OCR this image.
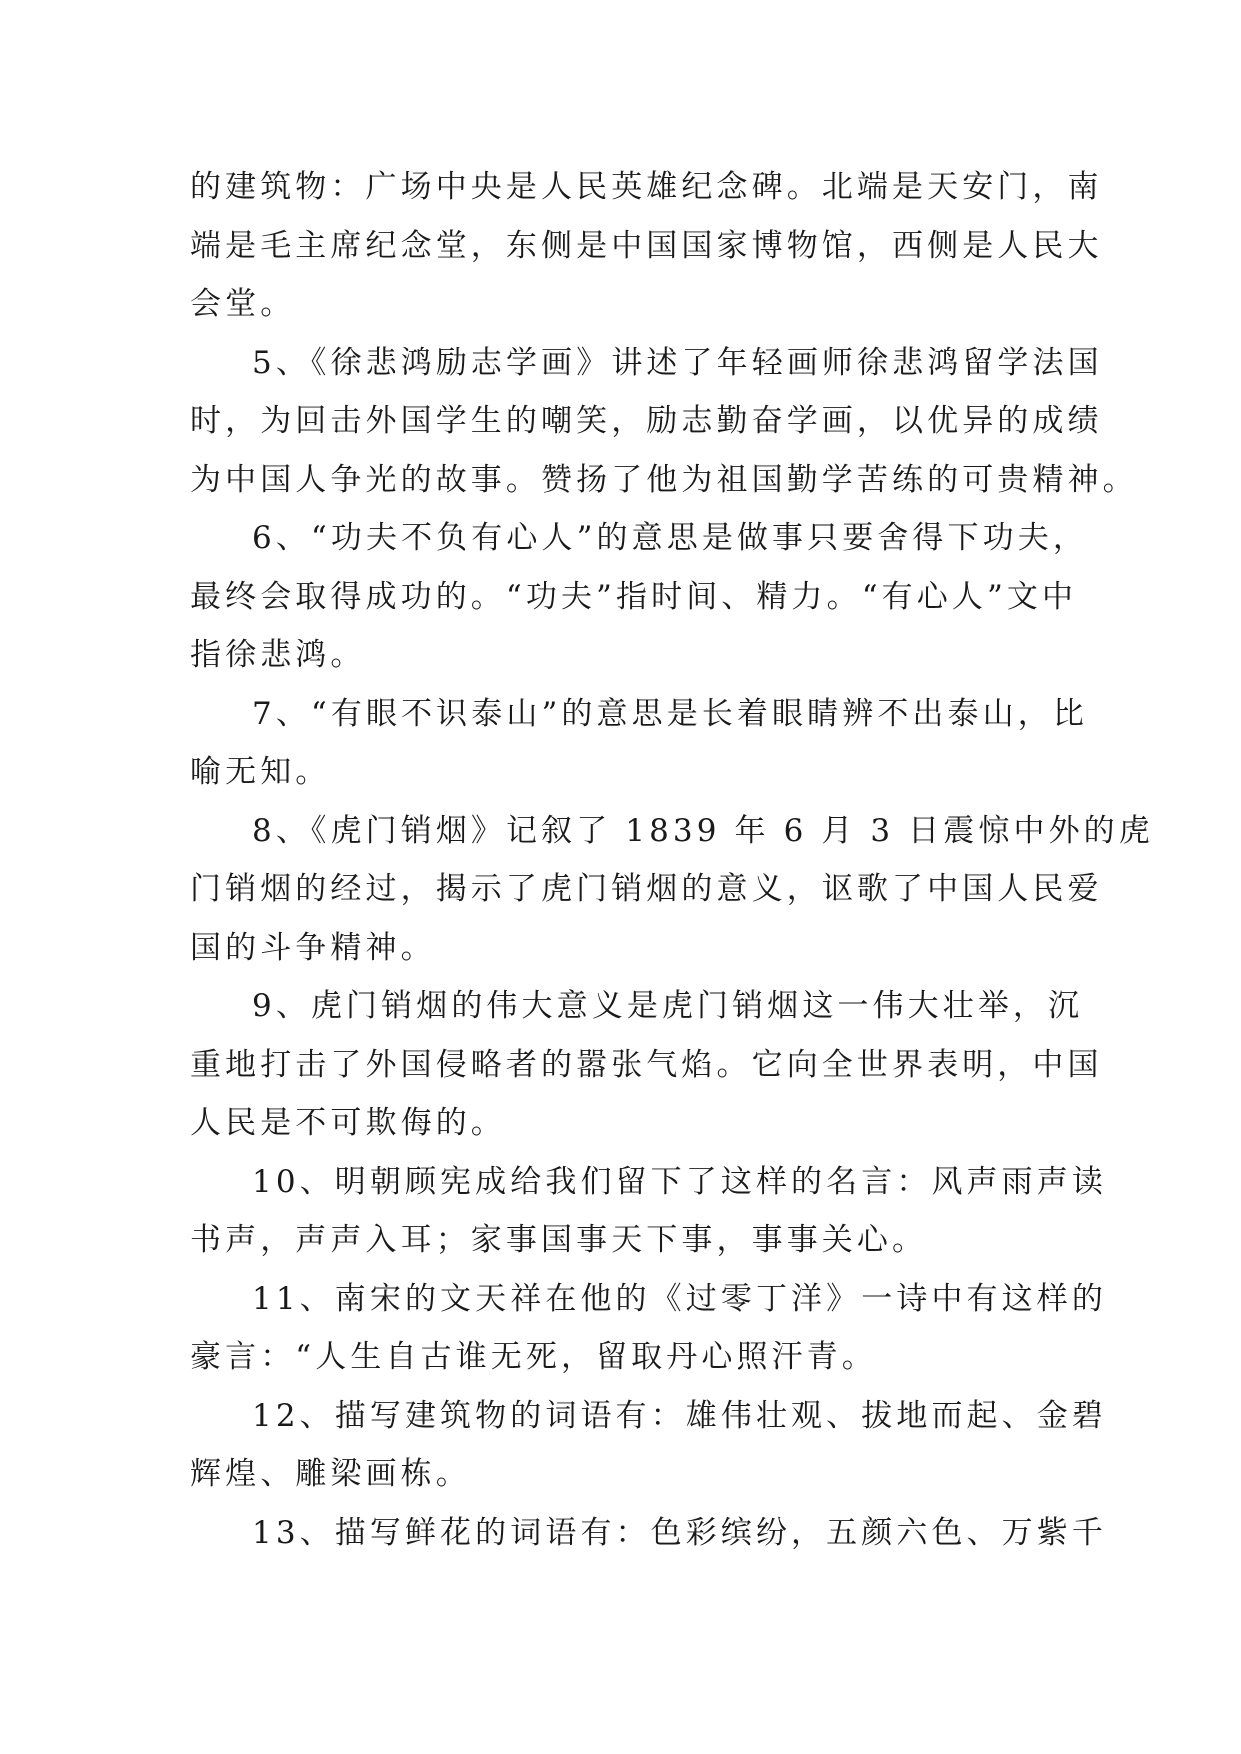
的建筑物：广场中央是人民英雄纪念碑。北端是天安门，南
端是毛主席纪念堂，东侧是中国国家博物馆，西侧是人民大
会堂。
5、《徐悲鸿励志学画》讲述了年轻画师徐悲鸿留学法国
时，为回击外国学生的嘲笑，励志勤奋学画，以优异的成绩
为中国人争光的故事。赞扬了他为祖国勤学苦练的可贵精神。
6、“功夫不负有心人”的意思是做事只要舍得下功夫，
最终会取得成功的。“功夫”指时间、精力。“有心人”文中
指徐悲鸿。
7、“有眼不识泰山”的意思是长着眼睛辨不出泰山，比
喻无知。
8、《虎门销烟》记叙了 1839 年 6 月 3 日震惊中外的虎
门销烟的经过，揭示了虎门销烟的意义，讴歌了中国人民爱
国的斗争精神。
9、虎门销烟的伟大意义是虎门销烟这一伟大壮举，沉
重地打击了外国侵略者的嚣张气焰。它向全世界表明，中国
人民是不可欺侮的。
10、明朝顾宪成给我们留下了这样的名言：风声雨声读
书声，声声入耳；家事国事天下事，事事关心。
11、南宋的文天祥在他的《过零丁洋》一诗中有这样的
豪言：“人生自古谁无死，留取丹心照汗青。
12、描写建筑物的词语有：雄伟壮观、拔地而起、金碧
辉煌、雕梁画栋。
13、描写鲜花的词语有：色彩缤纷，五颜六色、万紫千
